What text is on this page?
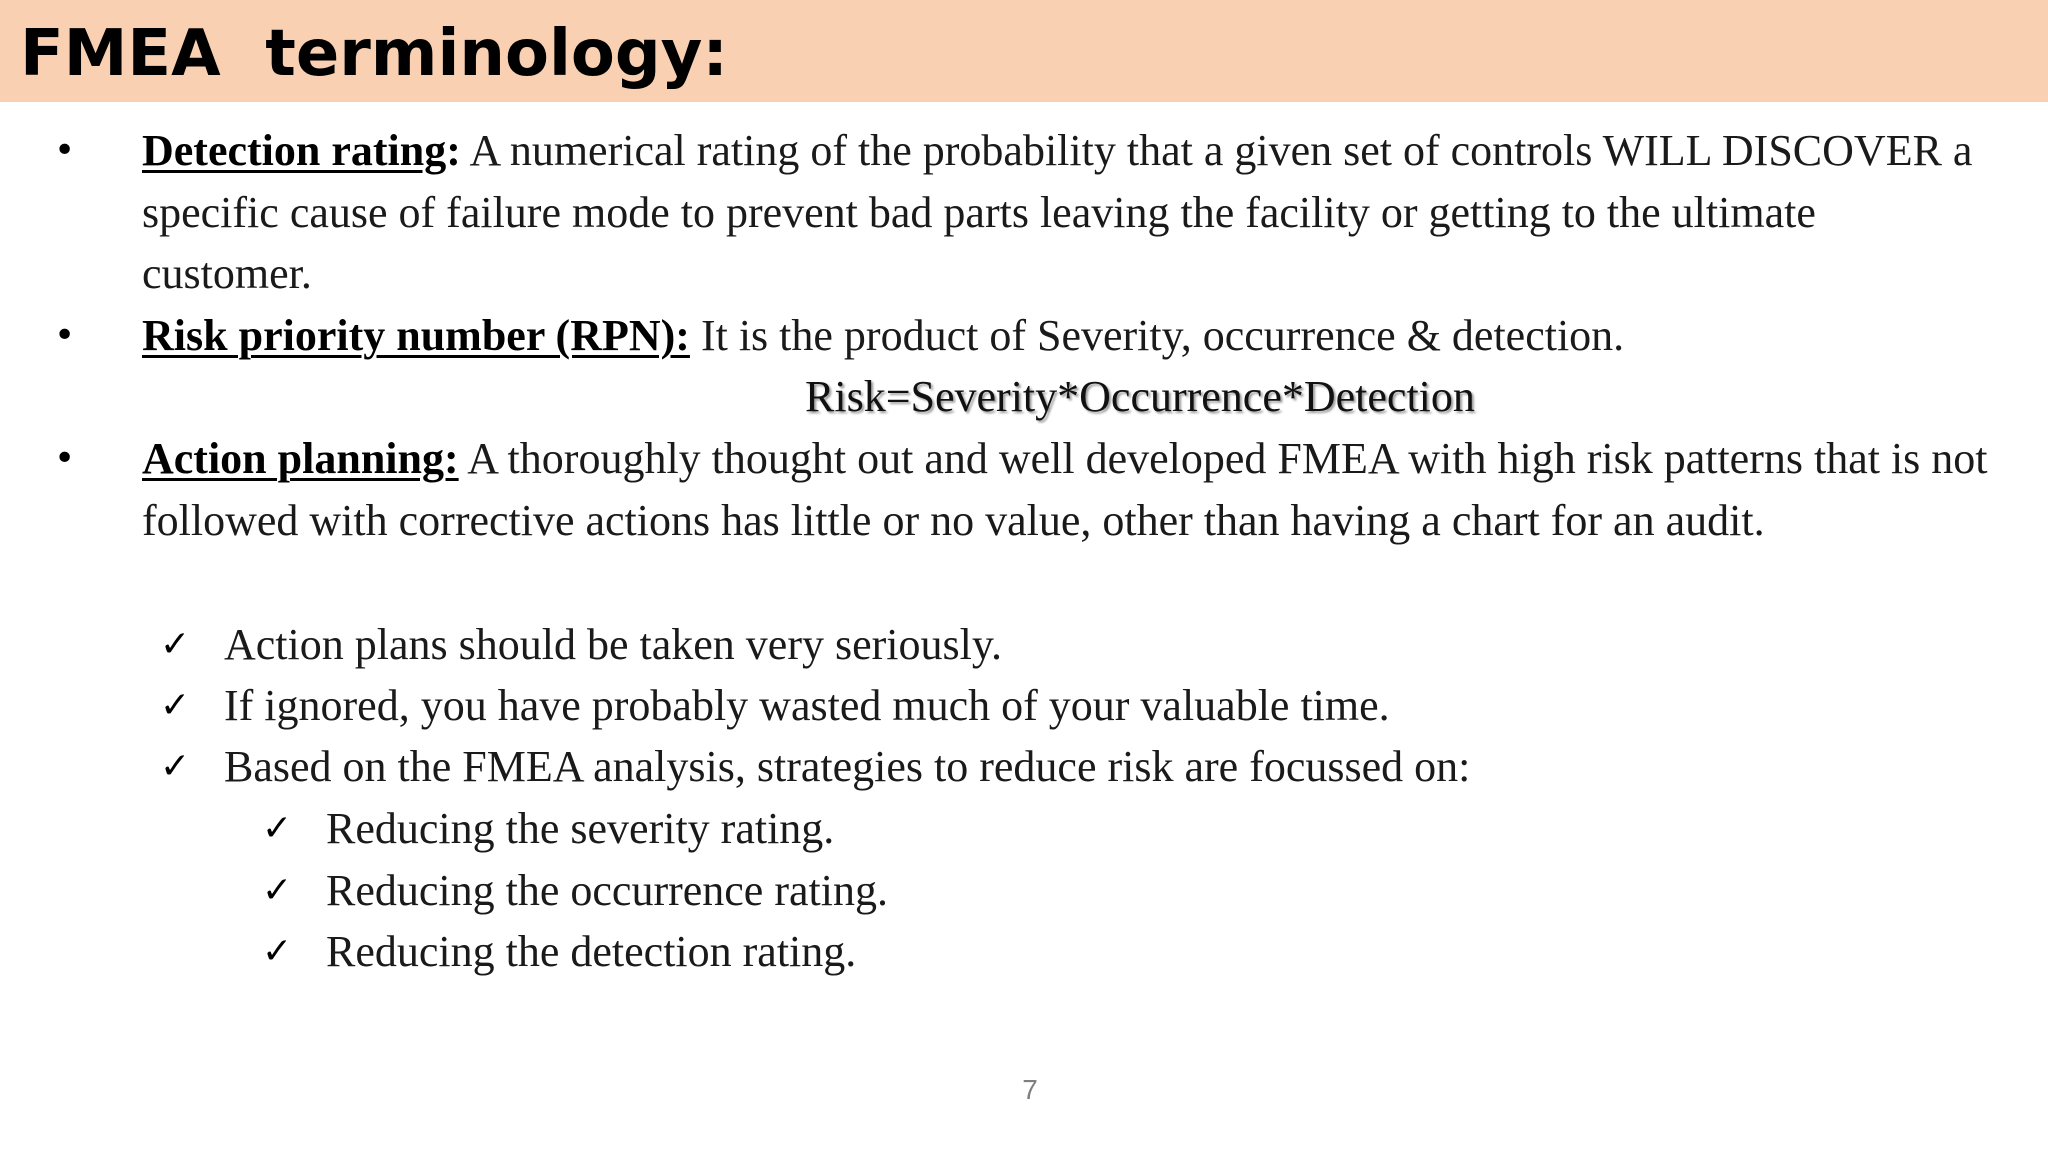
FMEA  terminology:
• Detection rating: A numerical rating of the probability that a given set of controls WILL DISCOVER a specific cause of failure mode to prevent bad parts leaving the facility or getting to the ultimate customer.
• Risk priority number (RPN): It is the product of Severity, occurrence & detection.
Risk=Severity*Occurrence*Detection
• Action planning: A thoroughly thought out and well developed FMEA with high risk patterns that is not followed with corrective actions has little or no value, other than having a chart for an audit.
✓ Action plans should be taken very seriously.
✓ If ignored, you have probably wasted much of your valuable time.
✓ Based on the FMEA analysis, strategies to reduce risk are focussed on:
✓ Reducing the severity rating.
✓ Reducing the occurrence rating.
✓ Reducing the detection rating.
7
